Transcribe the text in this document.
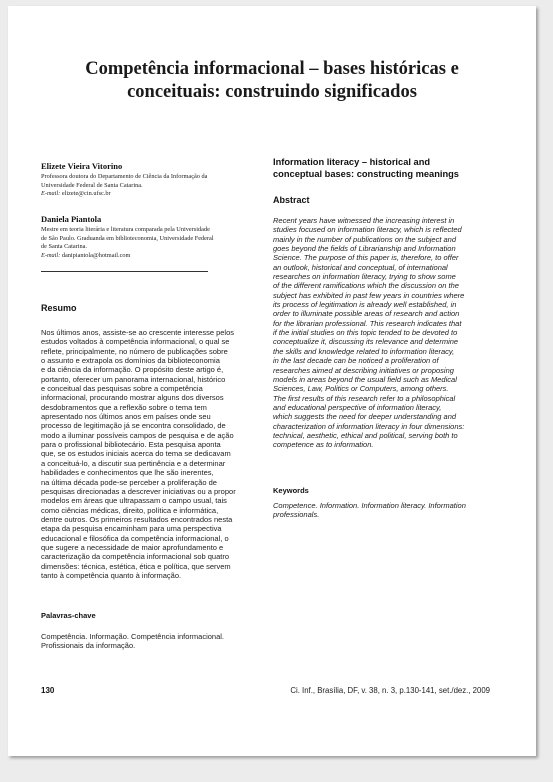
Competência informacional – bases históricas e
conceituais: construindo significados
Elizete Vieira Vitorino
Professora doutora do Departamento de Ciência da Informação da
Universidade Federal de Santa Catarina.
E-mail: elizete@cin.ufsc.br
Daniela Piantola
Mestre em teoria literária e literatura comparada pela Universidade
de São Paulo. Graduanda em biblioteconomia, Universidade Federal
de Santa Catarina.
E-mail: danipiantola@hotmail.com
Resumo
Nos últimos anos, assiste-se ao crescente interesse pelos
estudos voltados à competência informacional, o qual se
reflete, principalmente, no número de publicações sobre
o assunto e extrapola os domínios da biblioteconomia
e da ciência da informação. O propósito deste artigo é,
portanto, oferecer um panorama internacional, histórico
e conceitual das pesquisas sobre a competência
informacional, procurando mostrar alguns dos diversos
desdobramentos que a reflexão sobre o tema tem
apresentado nos últimos anos em países onde seu
processo de legitimação já se encontra consolidado, de
modo a iluminar possíveis campos de pesquisa e de ação
para o profissional bibliotecário. Esta pesquisa aponta
que, se os estudos iniciais acerca do tema se dedicavam
a conceituá-lo, a discutir sua pertinência e a determinar
habilidades e conhecimentos que lhe são inerentes,
na última década pode-se perceber a proliferação de
pesquisas direcionadas a descrever iniciativas ou a propor
modelos em áreas que ultrapassam o campo usual, tais
como ciências médicas, direito, política e informática,
dentre outros. Os primeiros resultados encontrados nesta
etapa da pesquisa encaminham para uma perspectiva
educacional e filosófica da competência informacional, o
que sugere a necessidade de maior aprofundamento e
caracterização da competência informacional sob quatro
dimensões: técnica, estética, ética e política, que servem
tanto à competência quanto à informação.
Palavras-chave
Competência. Informação. Competência informacional.
Profissionais da informação.
Information literacy – historical and
conceptual bases: constructing meanings
Abstract
Recent years have witnessed the increasing interest in
studies focused on information literacy, which is reflected
mainly in the number of publications on the subject and
goes beyond the fields of Librarianship and Information
Science. The purpose of this paper is, therefore, to offer
an outlook, historical and conceptual, of international
researches on information literacy, trying to show some
of the different ramifications which the discussion on the
subject has exhibited in past few years in countries where
its process of legitimation is already well established, in
order to illuminate possible areas of research and action
for the librarian professional. This research indicates that
if the initial studies on this topic tended to be devoted to
conceptualize it, discussing its relevance and determine
the skills and knowledge related to information literacy,
in the last decade can be noticed a proliferation of
researches aimed at describing initiatives or proposing
models in areas beyond the usual field such as Medical
Sciences, Law, Politics or Computers, among others.
The first results of this research refer to a philosophical
and educational perspective of information literacy,
which suggests the need for deeper understanding and
characterization of information literacy in four dimensions:
technical, aesthetic, ethical and political, serving both to
competence as to information.
Keywords
Competence. Information. Information literacy. Information
professionals.
130	Ci. Inf., Brasília, DF, v. 38, n. 3, p.130-141, set./dez., 2009
